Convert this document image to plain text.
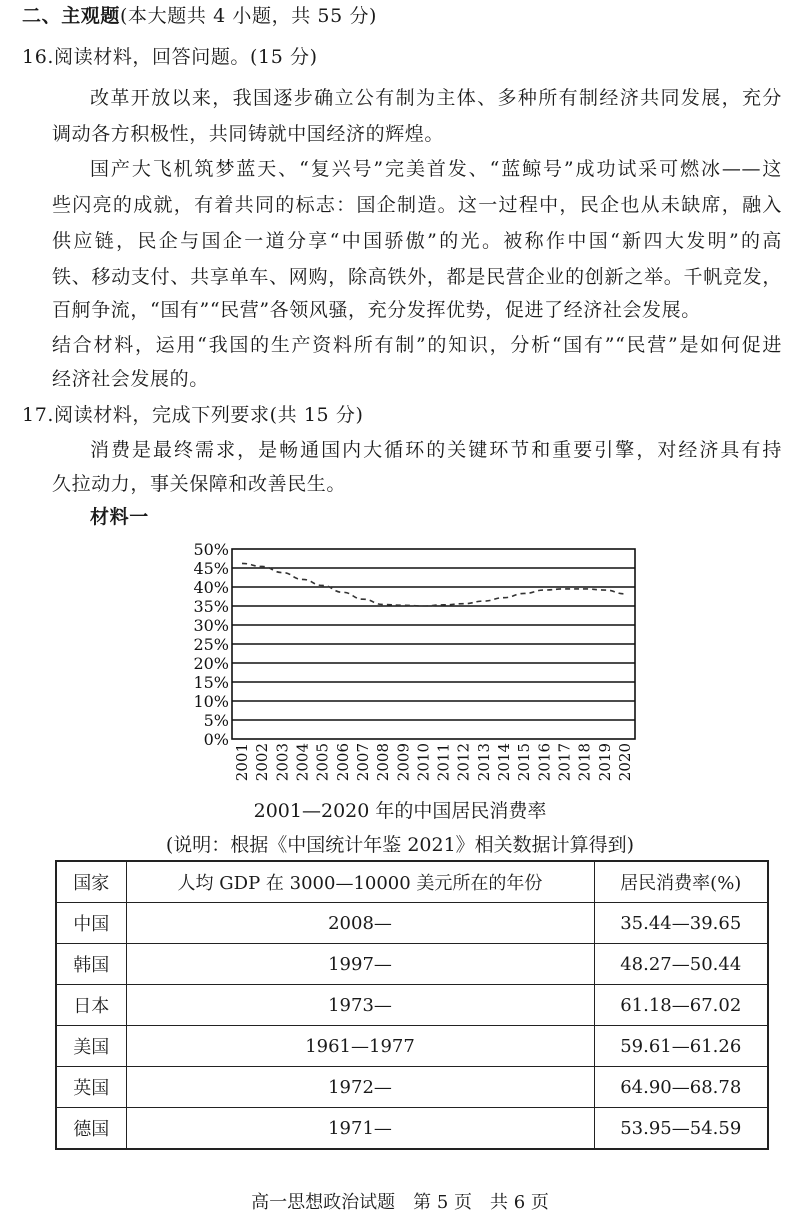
二、主观题(本大题共 4 小题，共 55 分)
16.阅读材料，回答问题。(15 分)
改革开放以来，我国逐步确立公有制为主体、多种所有制经济共同发展，充分
调动各方积极性，共同铸就中国经济的辉煌。
国产大飞机筑梦蓝天、“复兴号”完美首发、“蓝鲸号”成功试采可燃冰——这
些闪亮的成就，有着共同的标志：国企制造。这一过程中，民企也从未缺席，融入
供应链，民企与国企一道分享“中国骄傲”的光。被称作中国“新四大发明”的高
铁、移动支付、共享单车、网购，除高铁外，都是民营企业的创新之举。千帆竞发，
百舸争流，“国有”“民营”各领风骚，充分发挥优势，促进了经济社会发展。
结合材料，运用“我国的生产资料所有制”的知识，分析“国有”“民营”是如何促进
经济社会发展的。
17.阅读材料，完成下列要求(共 15 分)
消费是最终需求，是畅通国内大循环的关键环节和重要引擎，对经济具有持
久拉动力，事关保障和改善民生。
材料一
0%
5%
10%
15%
20%
25%
30%
35%
40%
45%
50%
2001 2002 2003 2004 2005 2006 2007 2008 2009 2010 2011 2012 2013 2014 2015 2016 2017 2018 2019 2020
2001—2020 年的中国居民消费率
(说明：根据《中国统计年鉴 2021》相关数据计算得到)
国家	人均 GDP 在 3000—10000 美元所在的年份	居民消费率(%)
中国	2008—	35.44—39.65
韩国	1997—	48.27—50.44
日本	1973—	61.18—67.02
美国	1961—1977	59.61—61.26
英国	1972—	64.90—68.78
德国	1971—	53.95—54.59
高一思想政治试题　第 5 页　共 6 页
